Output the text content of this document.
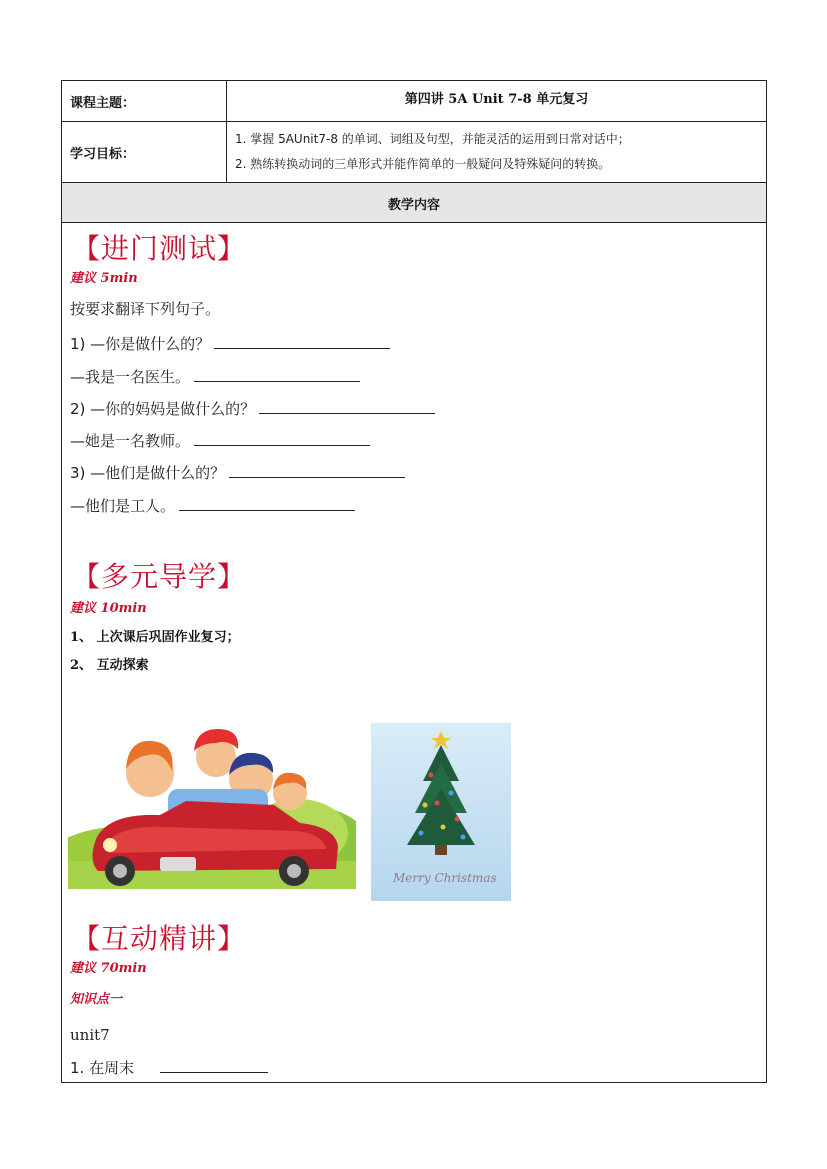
课程主题：	第四讲 5A Unit 7-8 单元复习
学习目标：
1. 掌握 5AUnit7-8 的单词、词组及句型，并能灵活的运用到日常对话中；
2. 熟练转换动词的三单形式并能作简单的一般疑问及特殊疑问的转换。
教学内容
【进门测试】
建议 5min
按要求翻译下列句子。
1) —你是做什么的？
—我是一名医生。
2) —你的妈妈是做什么的？
—她是一名教师。
3) —他们是做什么的？
—他们是工人。
【多元导学】
建议 10min
1、 上次课后巩固作业复习；
2、 互动探索
Merry Christmas
【互动精讲】
建议 70min
知识点一
unit7
1. 在周末
